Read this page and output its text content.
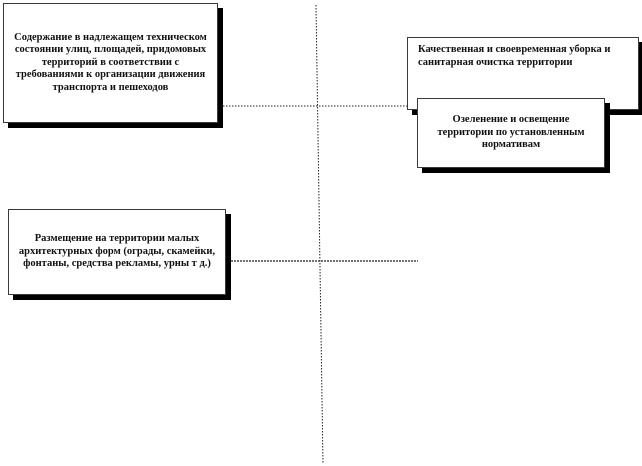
Содержание в надлежащем техническом состоянии улиц, площадей, придомовых территорий в соответствии с требованиями к организации движения транспорта и пешеходов
Качественная и своевременная уборка и санитарная очистка территории
Озеленение и освещение территории по установленным нормативам
Размещение на территории малых архитектурных форм (ограды, скамейки, фонтаны, средства рекламы, урны т д.)
